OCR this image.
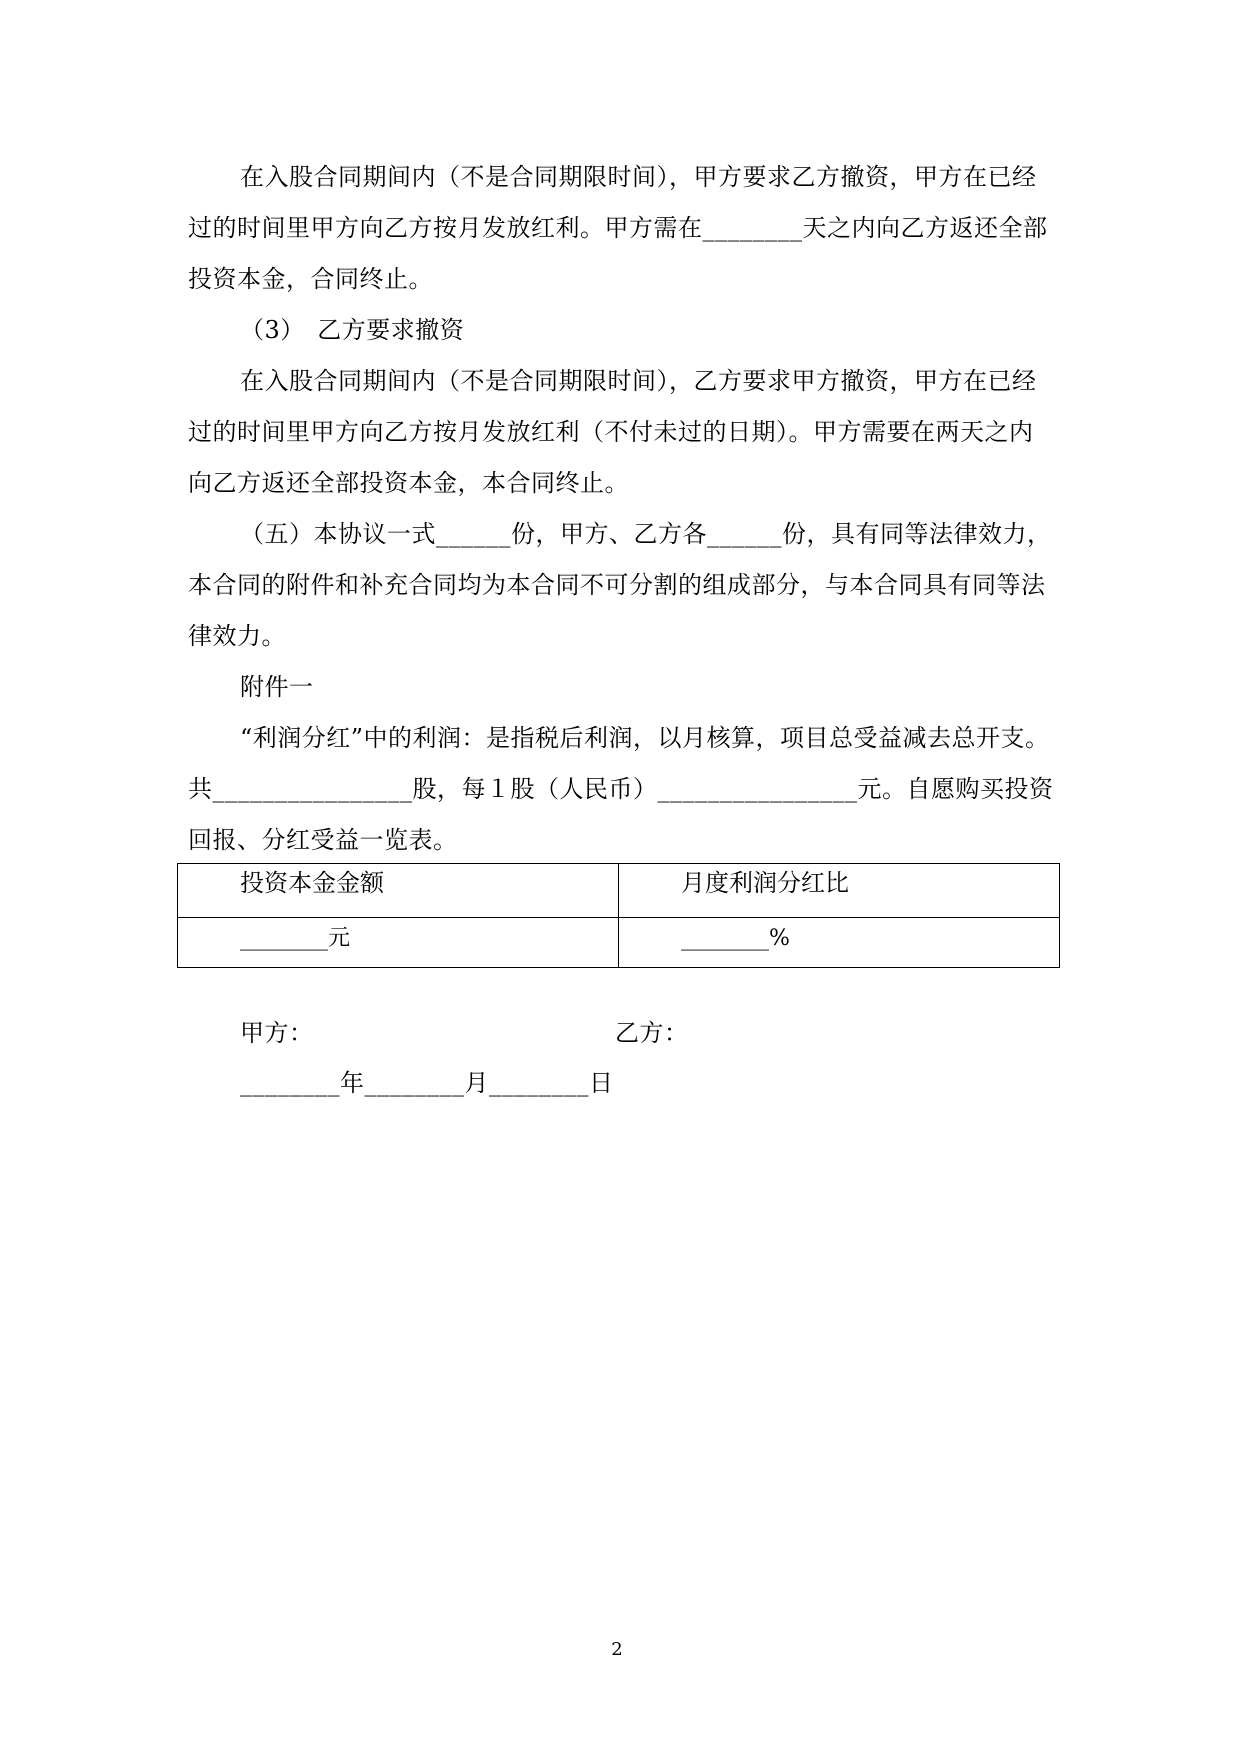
在入股合同期间内（不是合同期限时间），甲方要求乙方撤资，甲方在已经过的时间里甲方向乙方按月发放红利。甲方需在________天之内向乙方返还全部投资本金，合同终止。
（3）　乙方要求撤资
在入股合同期间内（不是合同期限时间），乙方要求甲方撤资，甲方在已经过的时间里甲方向乙方按月发放红利（不付未过的日期）。甲方需要在两天之内向乙方返还全部投资本金，本合同终止。
（五）本协议一式______份，甲方、乙方各______份，具有同等法律效力，本合同的附件和补充合同均为本合同不可分割的组成部分，与本合同具有同等法律效力。
附件一
“利润分红”中的利润：是指税后利润，以月核算，项目总受益减去总开支。共________________股，每１股（人民币）________________元。自愿购买投资回报、分红受益一览表。
投资本金金额	月度利润分红比

________元	________%
甲方：	乙方：
________年________月________日
2
